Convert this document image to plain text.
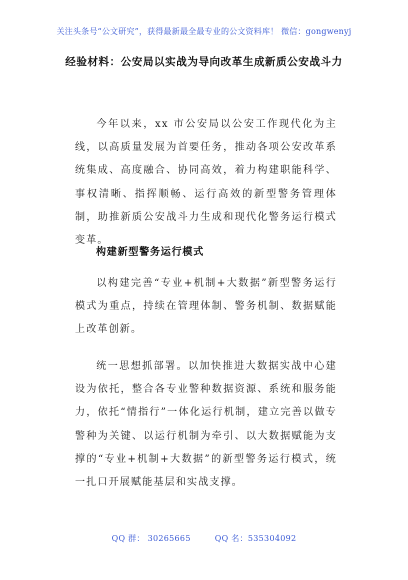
关注头条号“公文研究”，获得最新最全最专业的公文资料库！ 微信：gongwenyj
经验材料：公安局以实战为导向改革生成新质公安战斗力

今年以来，xx 市公安局以公安工作现代化为主线，以高质量发展为首要任务，推动各项公安改革系统集成、高度融合、协同高效，着力构建职能科学、事权清晰、指挥顺畅、运行高效的新型警务管理体制，助推新质公安战斗力生成和现代化警务运行模式变革。

构建新型警务运行模式

以构建完善“专业+机制+大数据”新型警务运行模式为重点，持续在管理体制、警务机制、数据赋能上改革创新。

统一思想抓部署。以加快推进大数据实战中心建设为依托，整合各专业警种数据资源、系统和服务能力，依托“情指行”一体化运行机制，建立完善以做专警种为关键、以运行机制为牵引、以大数据赋能为支撑的“专业+机制+大数据”的新型警务运行模式，统一扎口开展赋能基层和实战支撑。

QQ 群： 30265665	QQ 名：535304092
